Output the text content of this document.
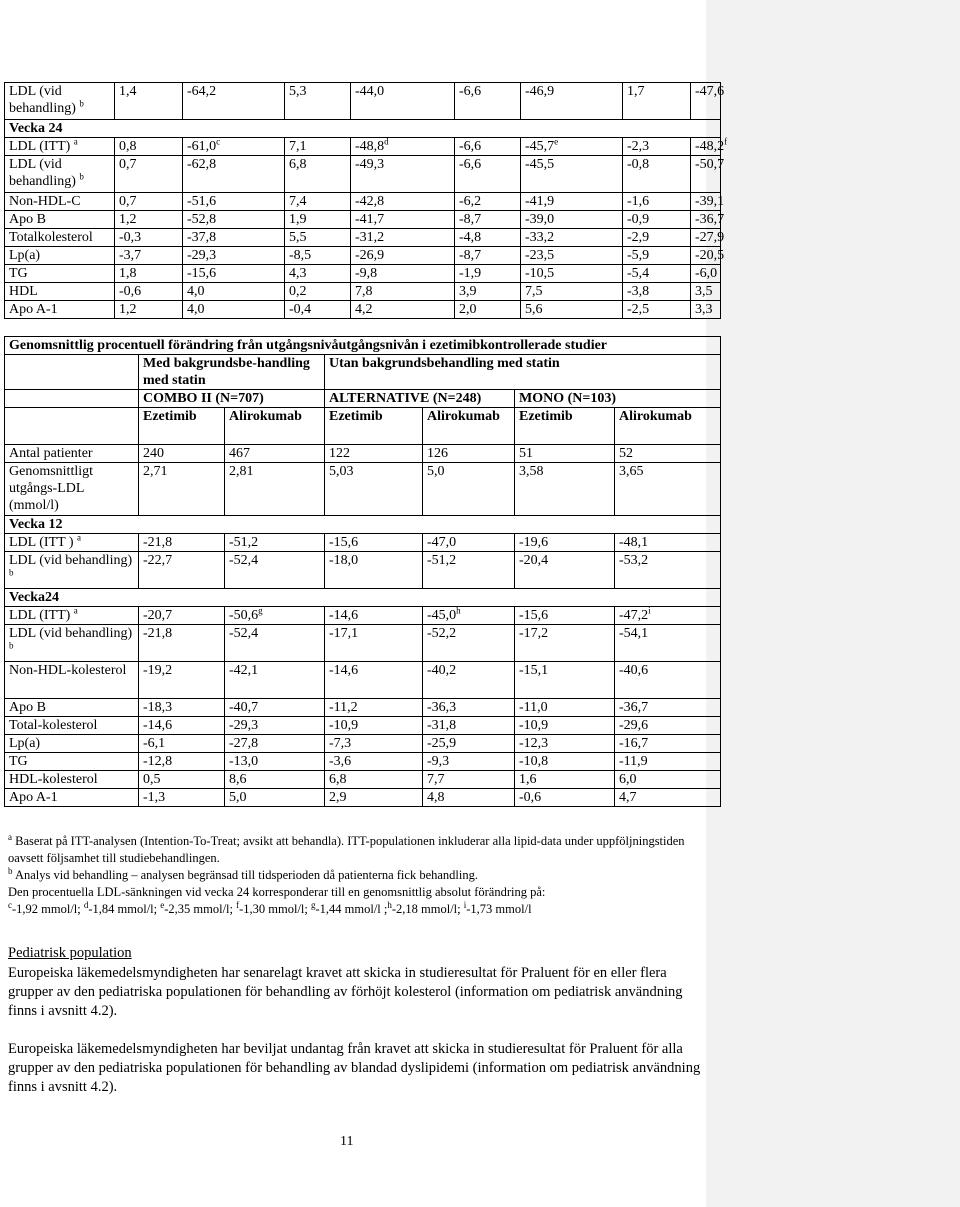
LDL (vid behandling) $^b$	1,4	-64,2	5,3	-44,0	-6,6	-46,9	1,7	-47,6	
Vecka 24									
LDL (ITT) $^a$	0,8	-61,0$^c$	7,1	-48,8$^d$	-6,6	-45,7e	-2,3	-48,2$^f$	
LDL (vid behandling) $^b$	0,7	-62,8	6,8	-49,3	-6,6	-45,5	-0,8	-50,7	
Non-HDL-C	0,7	-51,6	7,4	-42,8	-6,2	-41,9	-1,6	-39,1	
Apo B	1,2	-52,8	1,9	-41,7	-8,7	-39,0	-0,9	-36,7	
Totalkolesterol	-0,3	-37,8	5,5	-31,2	-4,8	-33,2	-2,9	-27,9	
Lp(a)	-3,7	-29,3	-8,5	-26,9	-8,7	-23,5	-5,9	-20,5	
TG	1,8	-15,6	4,3	-9,8	-1,9	-10,5	-5,4	-6,0	
HDL	-0,6	4,0	0,2	7,8	3,9	7,5	-3,8	3,5	
Apo A-1	1,2	4,0	-0,4	4,2	2,0	5,6	-2,5	3,3	
Genomsnittlig procentuell förändring från utgångsnivåutgångsnivån i ezetimibkontrollerade studier						
	Med bakgrundsbe-handling med statin		Utan bakgrundsbehandling med statin			
	COMBO II (N=707)		ALTERNATIVE (N=248)		MONO (N=103)	
	Ezetimib	Alirokumab	Ezetimib	Alirokumab	Ezetimib	Alirokumab
Antal patienter	240	467	122	126	51	52
Genomsnittligt utgångs-LDL (mmol/l)	2,71	2,81	5,03	5,0	3,58	3,65
Vecka 12						
LDL (ITT ) $^a$	-21,8	-51,2	-15,6	-47,0	-19,6	-48,1
LDL (vid behandling) $^b$	-22,7	-52,4	-18,0	-51,2	-20,4	-53,2
Vecka24						
LDL (ITT) $^a$	-20,7	-50,6$^g$	-14,6	-45,0$^h$	-15,6	-47,2$^i$
LDL (vid behandling) $^b$	-21,8	-52,4	-17,1	-52,2	-17,2	-54,1
Non-HDL-kolesterol	-19,2	-42,1	-14,6	-40,2	-15,1	-40,6
Apo B	-18,3	-40,7	-11,2	-36,3	-11,0	-36,7
Total-kolesterol	-14,6	-29,3	-10,9	-31,8	-10,9	-29,6
Lp(a)	-6,1	-27,8	-7,3	-25,9	-12,3	-16,7
TG	-12,8	-13,0	-3,6	-9,3	-10,8	-11,9
HDL-kolesterol	0,5	8,6	6,8	7,7	1,6	6,0
Apo A-1	-1,3	5,0	2,9	4,8	-0,6	4,7

$^a$ Baserat på ITT-analysen (Intention-To-Treat; avsikt att behandla). ITT-populationen inkluderar alla lipid-data under uppföljningstiden oavsett följsamhet till studiebehandlingen.

$^b$ Analys vid behandling – analysen begränsad till tidsperioden då patienterna fick behandling.

Den procentuella LDL-sänkningen vid vecka 24 korresponderar till en genomsnittlig absolut förändring på:

$^c$-1,92 mmol/l; $^d$-1,84 mmol/l; $^e$-2,35 mmol/l; $^f$-1,30 mmol/l; $^g$-1,44 mmol/l ;$^h$-2,18 mmol/l; $^i$-1,73 mmol/l

Pediatrisk population

Europeiska läkemedelsmyndigheten har senarelagt kravet att skicka in studieresultat för Praluent för en eller flera grupper av den pediatriska populationen för behandling av förhöjt kolesterol (information om pediatrisk användning finns i avsnitt 4.2).

Europeiska läkemedelsmyndigheten har beviljat undantag från kravet att skicka in studieresultat för Praluent för alla grupper av den pediatriska populationen för behandling av blandad dyslipidemi (information om pediatrisk användning finns i avsnitt 4.2).

11
